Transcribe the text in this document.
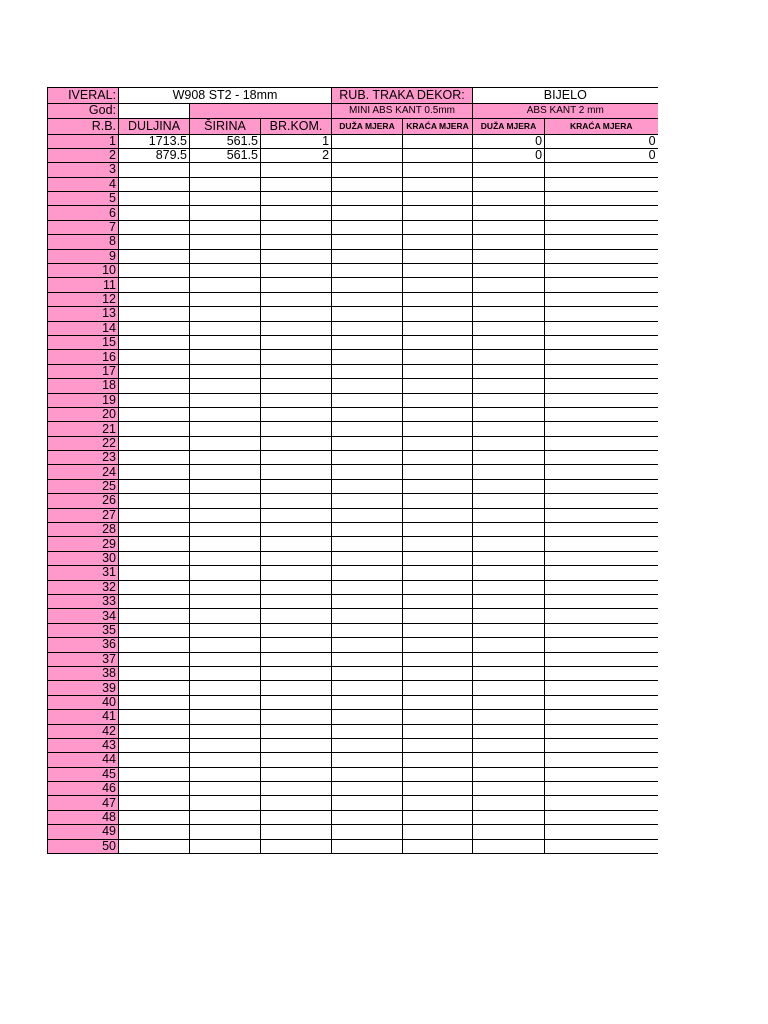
IVERAL:	W908 ST2 - 18mm			RUB. TRAKA DEKOR:		BIJELO	
God:				MINI ABS KANT 0.5mm		ABS KANT 2 mm	
R.B.	DULJINA	ŠIRINA	BR.KOM.	DUŽA MJERA	KRAĆA MJERA	DUŽA MJERA	KRAĆA MJERA
1	1713.5	561.5	1			0	0
2	879.5	561.5	2			0	0
3							
4							
5							
6							
7							
8							
9							
10							
11							
12							
13							
14							
15							
16							
17							
18							
19							
20							
21							
22							
23							
24							
25							
26							
27							
28							
29							
30							
31							
32							
33							
34							
35							
36							
37							
38							
39							
40							
41							
42							
43							
44							
45							
46							
47							
48							
49							
50							
